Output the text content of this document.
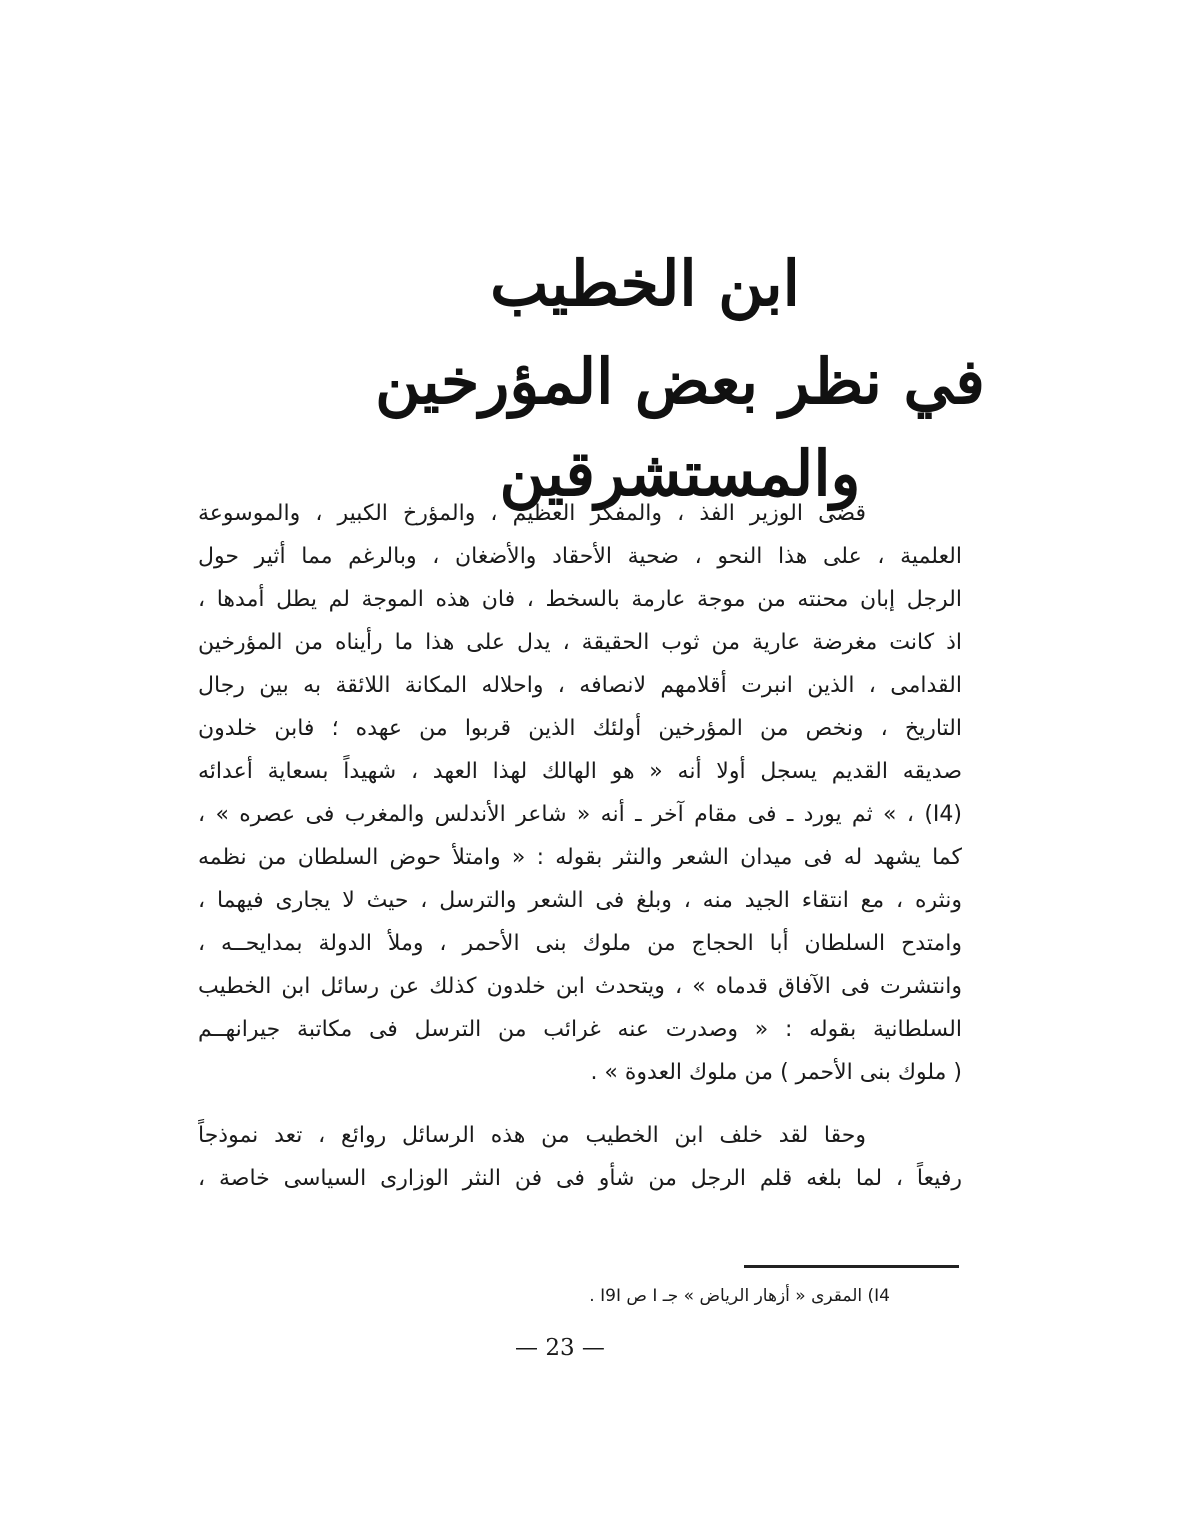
ابن الخطيب
في نظر بعض المؤرخين والمستشرقين
قضى الوزير الفذ ، والمفكر العظيم ، والمؤرخ الكبير ، والموسوعة
العلمية ، على هذا النحو ، ضحية الأحقاد والأضغان ، وبالرغم مما أثير حول
الرجل إبان محنته من موجة عارمة بالسخط ، فان هذه الموجة لم يطل أمدها ،
اذ كانت مغرضة عارية من ثوب الحقيقة ، يدل على هذا ما رأيناه من المؤرخين
القدامى ، الذين انبرت أقلامهم لانصافه ، واحلاله المكانة اللائقة به بين رجال
التاريخ ، ونخص من المؤرخين أولئك الذين قربوا من عهده ؛ فابن خلدون
صديقه القديم يسجل أولا أنه « هو الهالك لهذا العهد ، شهيداً بسعاية أعدائه
(I4) ، » ثم يورد ـ فى مقام آخر ـ أنه « شاعر الأندلس والمغرب فى عصره » ،
كما يشهد له فى ميدان الشعر والنثر بقوله : « وامتلأ حوض السلطان من نظمه
ونثره ، مع انتقاء الجيد منه ، وبلغ فى الشعر والترسل ، حيث لا يجارى فيهما ،
وامتدح السلطان أبا الحجاج من ملوك بنى الأحمر ، وملأ الدولة بمدايحــه ،
وانتشرت فى الآفاق قدماه » ، ويتحدث ابن خلدون كذلك عن رسائل ابن الخطيب
السلطانية بقوله : « وصدرت عنه غرائب من الترسل فى مكاتبة جيرانهــم
( ملوك بنى الأحمر ) من ملوك العدوة » .
وحقا لقد خلف ابن الخطيب من هذه الرسائل روائع ، تعد نموذجاً
رفيعاً ، لما بلغه قلم الرجل من شأو فى فن النثر الوزارى السياسى خاصة ،
I4) المقرى « أزهار الرياض » جـ I ص I9I .
— 23 —
